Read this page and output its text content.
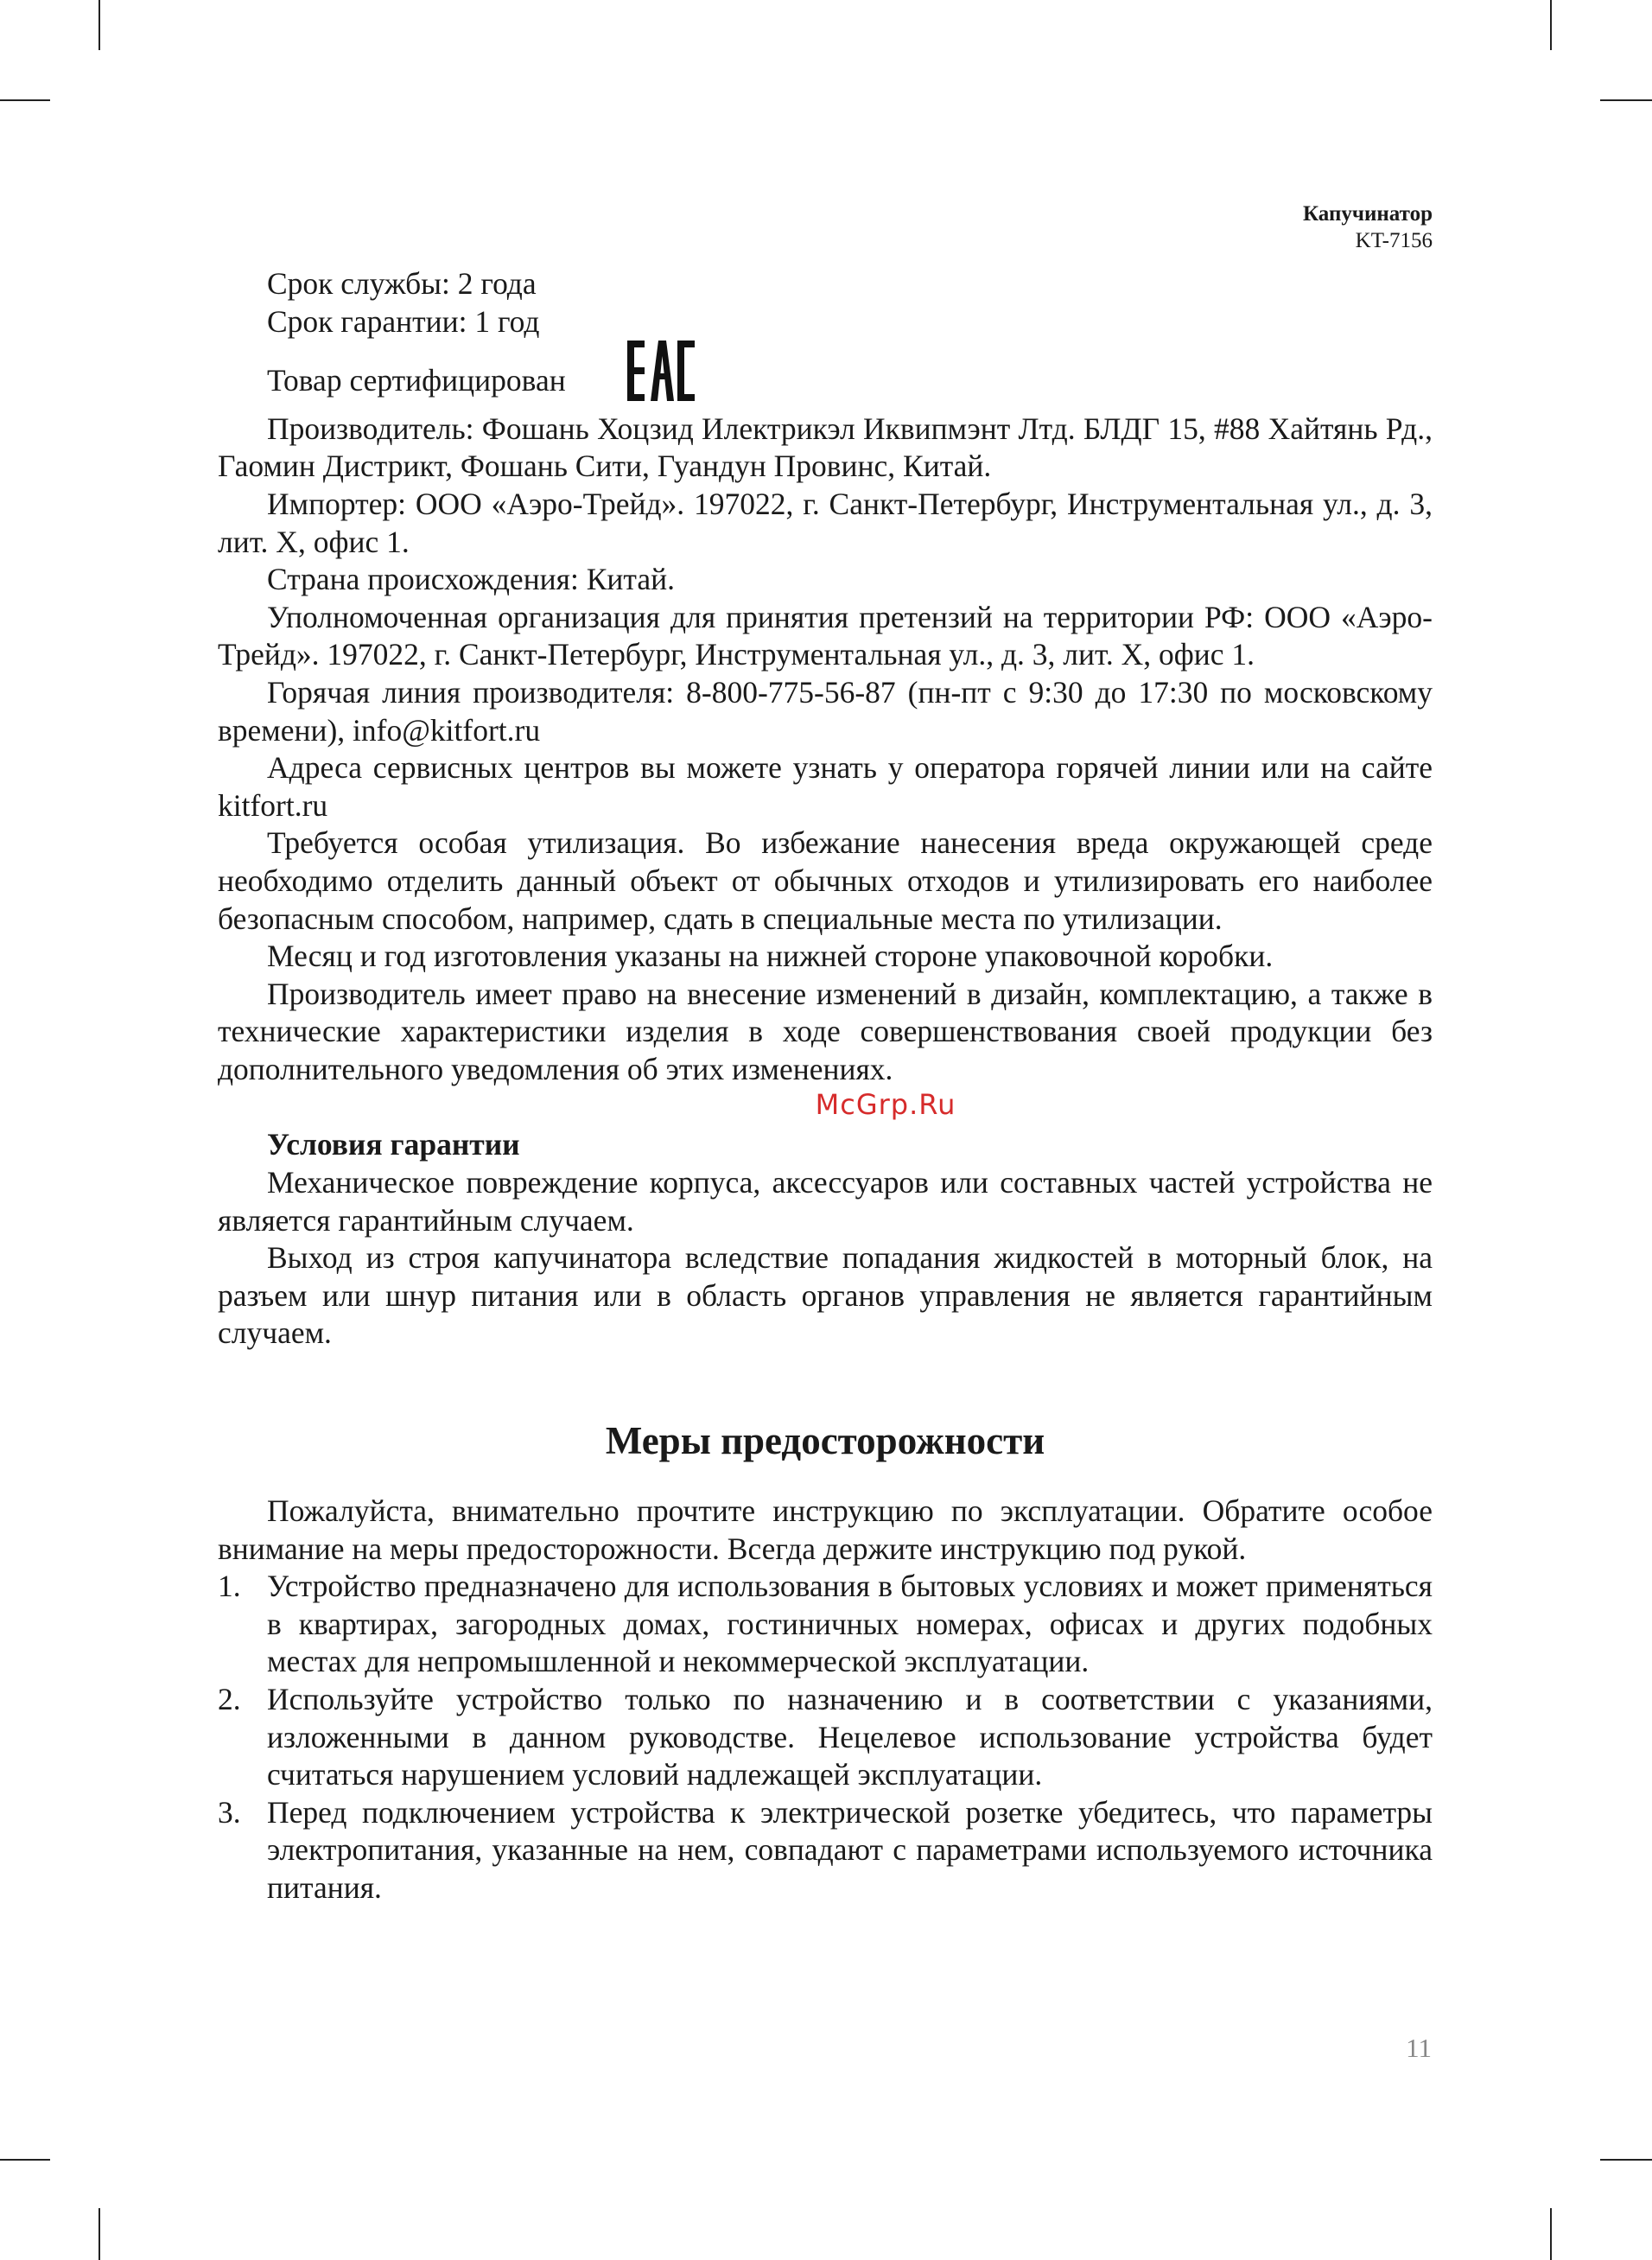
Капучинатор
KT-7156

Срок службы: 2 года

Срок гарантии: 1 год

Товар сертифицирован

Производитель: Фошань Хоцзид Илектрикэл Иквипмэнт Лтд. БЛДГ 15, #88 Хайтянь Рд., Гаомин Дистрикт, Фошань Сити, Гуандун Провинс, Китай.

Импортер: ООО «Аэро-Трейд». 197022, г. Санкт-Петербург, Инструментальная ул., д. 3, лит. Х, офис 1.

Страна происхождения: Китай.

Уполномоченная организация для принятия претензий на территории РФ: ООО «Аэро-Трейд». 197022, г. Санкт-Петербург, Инструментальная ул., д. 3, лит. Х, офис 1.

Горячая линия производителя: 8-800-775-56-87 (пн-пт с 9:30 до 17:30 по московскому времени), info@kitfort.ru

Адреса сервисных центров вы можете узнать у оператора горячей линии или на сайте kitfort.ru

Требуется особая утилизация. Во избежание нанесения вреда окружающей среде необходимо отделить данный объект от обычных отходов и утилизировать его наиболее безопасным способом, например, сдать в специальные места по утилизации.

Месяц и год изготовления указаны на нижней стороне упаковочной коробки.

Производитель имеет право на внесение изменений в дизайн, комплектацию, а также в технические характеристики изделия в ходе совершенствования своей продукции без дополнительного уведомления об этих изменениях.

McGrp.Ru

Условия гарантии

Механическое повреждение корпуса, аксессуаров или составных частей устройства не является гарантийным случаем.

Выход из строя капучинатора вследствие попадания жидкостей в моторный блок, на разъем или шнур питания или в область органов управления не является гарантийным случаем.

Меры предосторожности

Пожалуйста, внимательно прочтите инструкцию по эксплуатации. Обратите особое внимание на меры предосторожности. Всегда держите инструкцию под рукой.

1. Устройство предназначено для использования в бытовых условиях и может применяться в квартирах, загородных домах, гостиничных номерах, офисах и других подобных местах для непромышленной и некоммерческой эксплуатации.
2. Используйте устройство только по назначению и в соответствии с указаниями, изложенными в данном руководстве. Нецелевое использование устройства будет считаться нарушением условий надлежащей эксплуатации.
3. Перед подключением устройства к электрической розетке убедитесь, что параметры электропитания, указанные на нем, совпадают с параметрами используемого источника питания.
11
